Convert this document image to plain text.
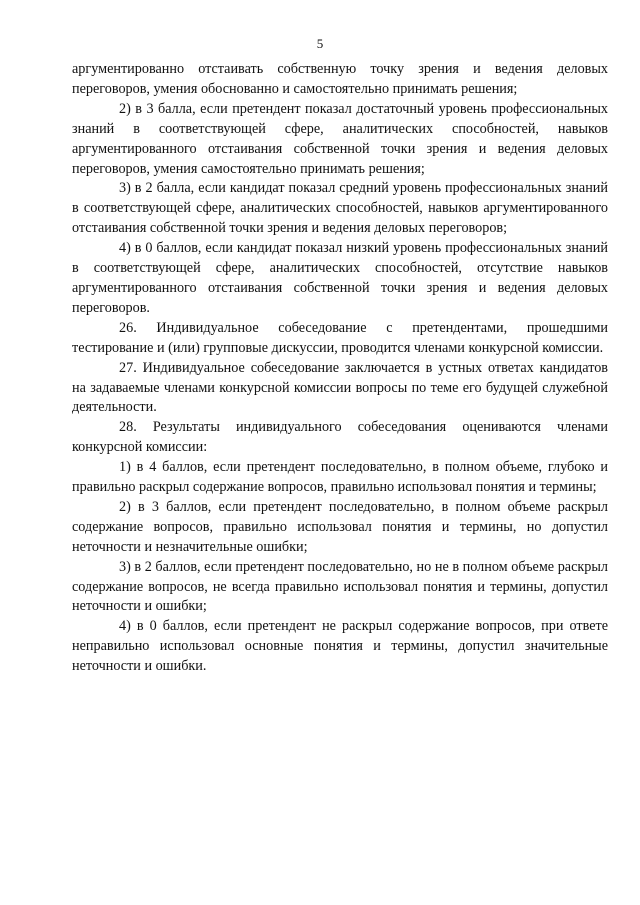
5

аргументированно отстаивать собственную точку зрения и ведения деловых переговоров, умения обоснованно и самостоятельно принимать решения;

2) в 3 балла, если претендент показал достаточный уровень профессиональных знаний в соответствующей сфере, аналитических способностей, навыков аргументированного отстаивания собственной точки зрения и ведения деловых переговоров, умения самостоятельно принимать решения;

3) в 2 балла, если кандидат показал средний уровень профессиональных знаний в соответствующей сфере, аналитических способностей, навыков аргументированного отстаивания собственной точки зрения и ведения деловых переговоров;

4) в 0 баллов, если кандидат показал низкий уровень профессиональных знаний в соответствующей сфере, аналитических способностей, отсутствие навыков аргументированного отстаивания собственной точки зрения и ведения деловых переговоров.

26. Индивидуальное собеседование с претендентами, прошедшими тестирование и (или) групповые дискуссии, проводится членами конкурсной комиссии.

27. Индивидуальное собеседование заключается в устных ответах кандидатов на задаваемые членами конкурсной комиссии вопросы по теме его будущей служебной деятельности.

28. Результаты индивидуального собеседования оцениваются членами конкурсной комиссии:

1) в 4 баллов, если претендент последовательно, в полном объеме, глубоко и правильно раскрыл содержание вопросов, правильно использовал понятия и термины;

2) в 3 баллов, если претендент последовательно, в полном объеме раскрыл содержание вопросов, правильно использовал понятия и термины, но допустил неточности и незначительные ошибки;

3) в 2 баллов, если претендент последовательно, но не в полном объеме раскрыл содержание вопросов, не всегда правильно использовал понятия и термины, допустил неточности и ошибки;

4) в 0 баллов, если претендент не раскрыл содержание вопросов, при ответе неправильно использовал основные понятия и термины, допустил значительные неточности и ошибки.
